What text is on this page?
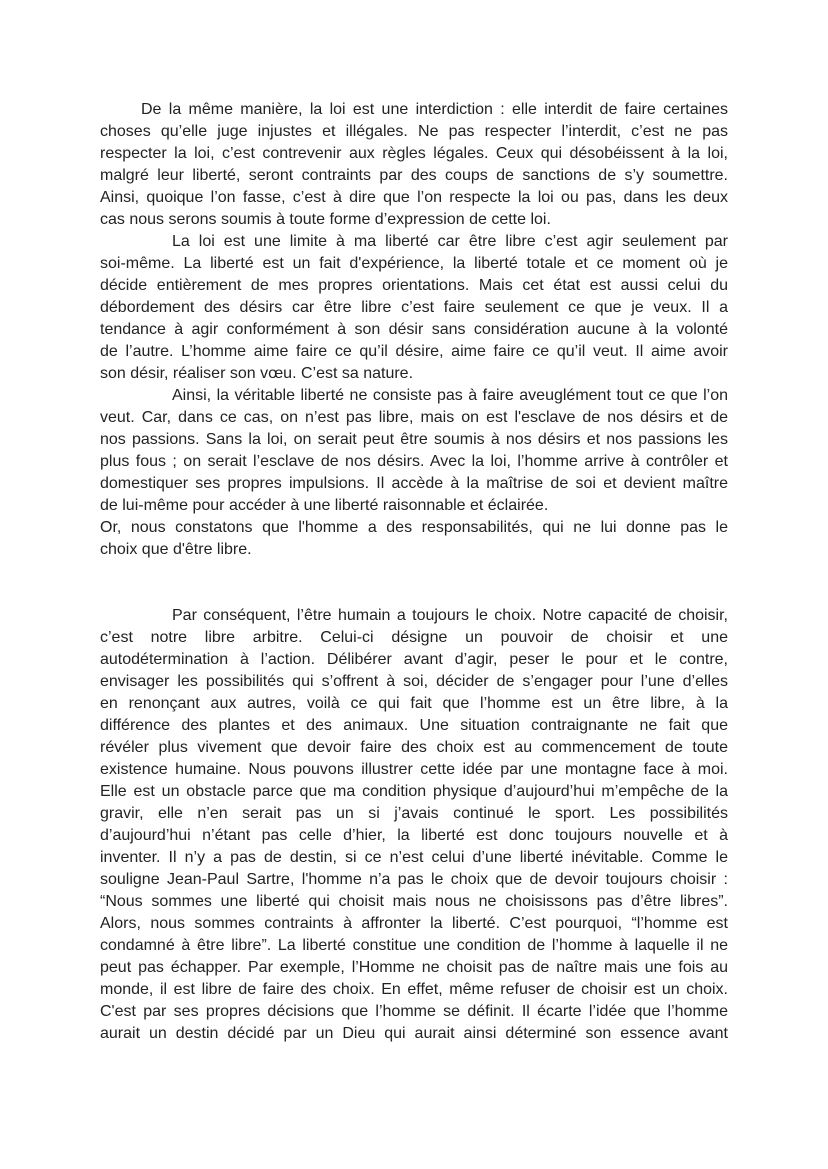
De la même manière, la loi est une interdiction : elle interdit de faire certaines
choses qu’elle juge injustes et illégales. Ne pas respecter l’interdit, c’est ne pas
respecter la loi, c’est contrevenir aux règles légales. Ceux qui désobéissent à la loi,
malgré leur liberté, seront contraints par des coups de sanctions de s’y soumettre.
Ainsi, quoique l’on fasse, c’est à dire que l’on respecte la loi ou pas, dans les deux
cas nous serons soumis à toute forme d’expression de cette loi.
La loi est une limite à ma liberté car être libre c’est agir seulement par
soi-même. La liberté est un fait d'expérience, la liberté totale et ce moment où je
décide entièrement de mes propres orientations. Mais cet état est aussi celui du
débordement des désirs car être libre c’est faire seulement ce que je veux. Il a
tendance à agir conformément à son désir sans considération aucune à la volonté
de l’autre. L’homme aime faire ce qu’il désire, aime faire ce qu’il veut. Il aime avoir
son désir, réaliser son vœu. C’est sa nature.
Ainsi, la véritable liberté ne consiste pas à faire aveuglément tout ce que l’on
veut. Car, dans ce cas, on n’est pas libre, mais on est l'esclave de nos désirs et de
nos passions. Sans la loi, on serait peut être soumis à nos désirs et nos passions les
plus fous ; on serait l’esclave de nos désirs. Avec la loi, l’homme arrive à contrôler et
domestiquer ses propres impulsions. Il accède à la maîtrise de soi et devient maître
de lui-même pour accéder à une liberté raisonnable et éclairée.
Or, nous constatons que l'homme a des responsabilités, qui ne lui donne pas le
choix que d'être libre.
Par conséquent, l’être humain a toujours le choix. Notre capacité de choisir,
c’est notre libre arbitre. Celui-ci désigne un pouvoir de choisir et une
autodétermination à l’action. Délibérer avant d’agir, peser le pour et le contre,
envisager les possibilités qui s’offrent à soi, décider de s’engager pour l’une d’elles
en renonçant aux autres, voilà ce qui fait que l’homme est un être libre, à la
différence des plantes et des animaux. Une situation contraignante ne fait que
révéler plus vivement que devoir faire des choix est au commencement de toute
existence humaine. Nous pouvons illustrer cette idée par une montagne face à moi.
Elle est un obstacle parce que ma condition physique d’aujourd’hui m’empêche de la
gravir, elle n’en serait pas un si j’avais continué le sport. Les possibilités
d’aujourd’hui n’étant pas celle d’hier, la liberté est donc toujours nouvelle et à
inventer. Il n’y a pas de destin, si ce n’est celui d’une liberté inévitable. Comme le
souligne Jean-Paul Sartre, l'homme n’a pas le choix que de devoir toujours choisir :
“Nous sommes une liberté qui choisit mais nous ne choisissons pas d’être libres”.
Alors, nous sommes contraints à affronter la liberté. C’est pourquoi, “l’homme est
condamné à être libre”. La liberté constitue une condition de l’homme à laquelle il ne
peut pas échapper. Par exemple, l’Homme ne choisit pas de naître mais une fois au
monde, il est libre de faire des choix. En effet, même refuser de choisir est un choix.
C'est par ses propres décisions que l’homme se définit. Il écarte l’idée que l’homme
aurait un destin décidé par un Dieu qui aurait ainsi déterminé son essence avant
